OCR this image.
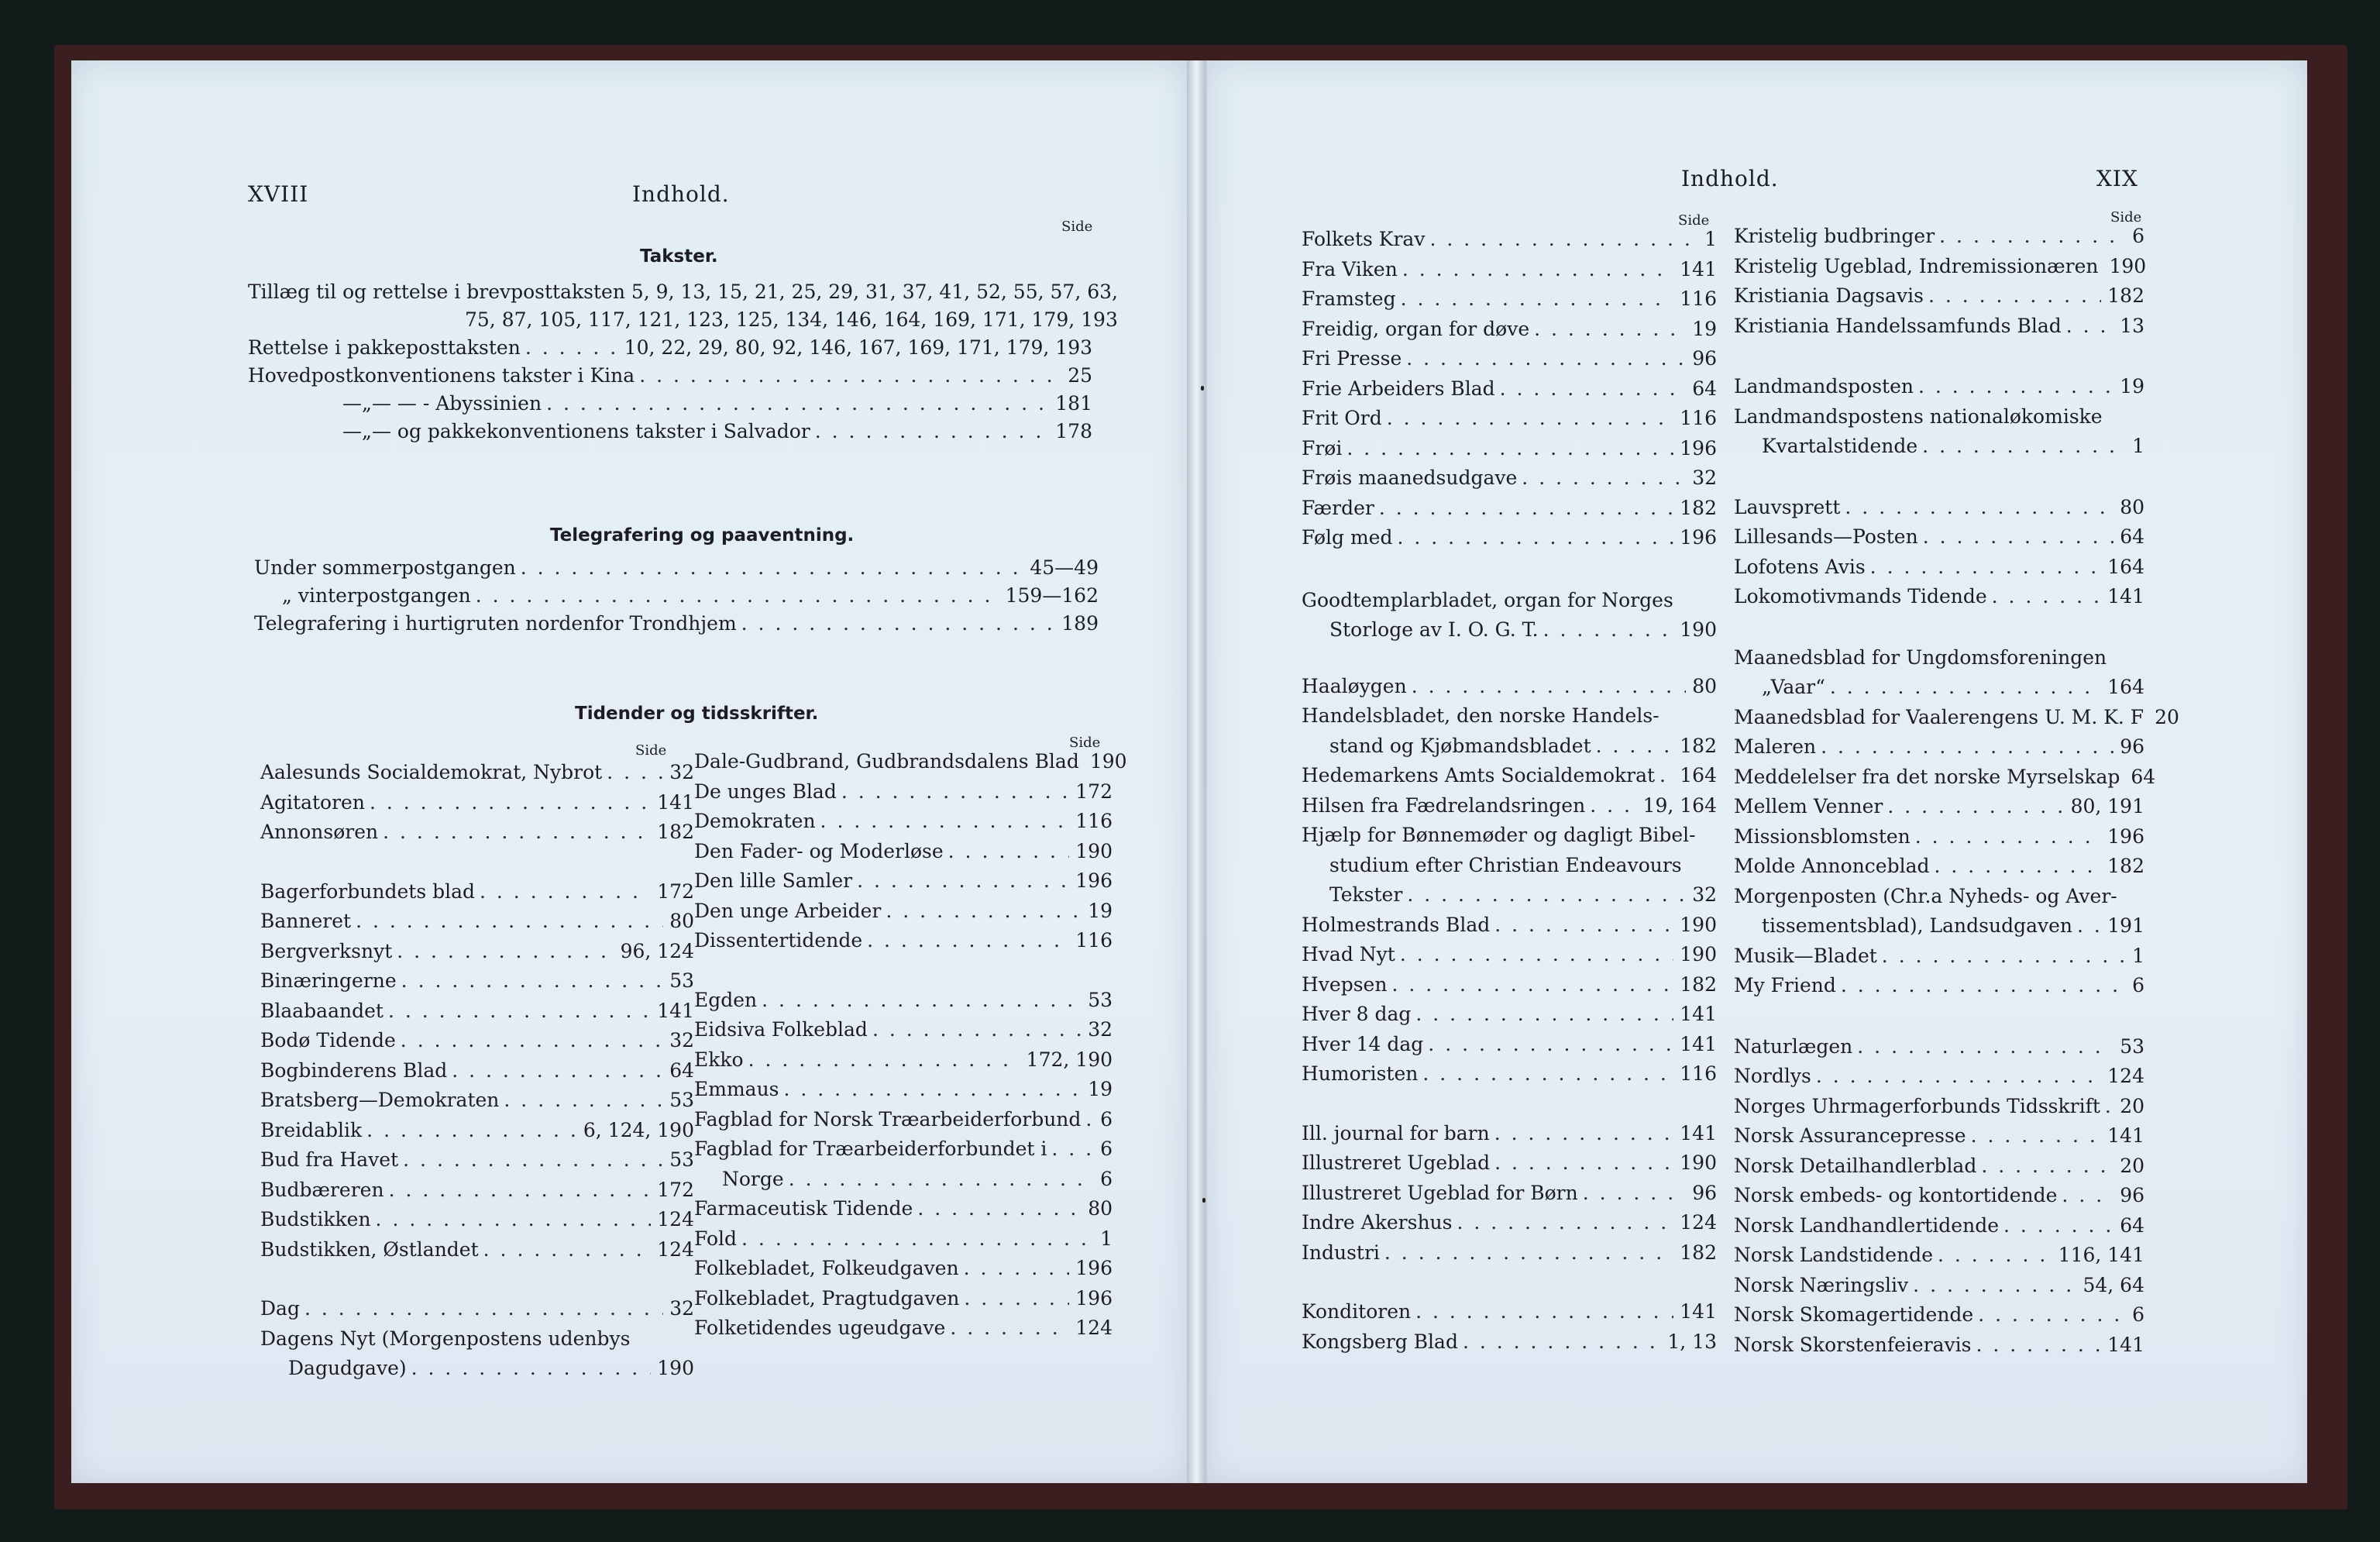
XVIII	Indhold.
Side
Takster.
Tillæg til og rettelse i brevposttaksten 5, 9, 13, 15, 21, 25, 29, 31, 37, 41, 52, 55, 57, 63,
75, 87, 105, 117, 121, 123, 125, 134, 146, 164, 169, 171, 179, 193
Rettelse i pakkeposttaksten . . .	10, 22, 29, 80, 92, 146, 167, 169, 171, 179, 193
Hovedpostkonventionens takster i Kina . . .	25
—„— — - Abyssinien . . .	181
—„— og pakkekonventionens takster i Salvador . . .	178
Telegrafering og paaventning.
Under sommerpostgangen . . .	45—49
„ vinterpostgangen . . .	159—162
Telegrafering i hurtigruten nordenfor Trondhjem . . .	189
Tidender og tidsskrifter.
Side	Side
Aalesunds Socialdemokrat, Nybrot . . .	32
Agitatoren . . .	141
Annonsøren . . .	182
Bagerforbundets blad . . .	172
Banneret . . .	80
Bergverksnyt . . .	96, 124
Binæringerne . . .	53
Blaabaandet . . .	141
Bodø Tidende . . .	32
Bogbinderens Blad . . .	64
Bratsberg—Demokraten . . .	53
Breidablik . . .	6, 124, 190
Bud fra Havet . . .	53
Budbæreren . . .	172
Budstikken . . .	124
Budstikken, Østlandet . . .	124
Dag . . .	32
Dagens Nyt (Morgenpostens udenbys
Dagudgave) . . .	190
Dale-Gudbrand, Gudbrandsdalens Blad 190
De unges Blad . . .	172
Demokraten . . .	116
Den Fader- og Moderløse . . .	190
Den lille Samler . . .	196
Den unge Arbeider . . .	19
Dissentertidende . . .	116
Egden . . .	53
Eidsiva Folkeblad . . .	32
Ekko . . .	172, 190
Emmaus . . .	19
Fagblad for Norsk Træarbeiderforbund . . . 6
Fagblad for Træarbeiderforbundet i . . .	6
Norge . . .	6
Farmaceutisk Tidende . . .	80
Fold . . .	1
Folkebladet, Folkeudgaven . . .	196
Folkebladet, Pragtudgaven . . .	196
Folketidendes ugeudgave . . .	124
Indhold.	XIX
Side	Side
Folkets Krav . . .	1
Fra Viken . . .	141
Framsteg . . .	116
Freidig, organ for døve . . .	19
Fri Presse . . .	96
Frie Arbeiders Blad . . .	64
Frit Ord . . .	116
Frøi . . .	196
Frøis maanedsudgave . . .	32
Færder . . .	182
Følg med . . .	196
Goodtemplarbladet, organ for Norges
Storloge av I. O. G. T. . . .	190
Haaløygen . . .	80
Handelsbladet, den norske Handels-
stand og Kjøbmandsbladet . . .	182
Hedemarkens Amts Socialdemokrat . . .	164
Hilsen fra Fædrelandsringen . . .	19, 164
Hjælp for Bønnemøder og dagligt Bibel-
studium efter Christian Endeavours
Tekster . . .	32
Holmestrands Blad . . .	190
Hvad Nyt . . .	190
Hvepsen . . .	182
Hver 8 dag . . .	141
Hver 14 dag . . .	141
Humoristen . . .	116
Ill. journal for barn . . .	141
Illustreret Ugeblad . . .	190
Illustreret Ugeblad for Børn . . .	96
Indre Akershus . . .	124
Industri . . .	182
Konditoren . . .	141
Kongsberg Blad . . .	1, 13
Kristelig budbringer . . .	6
Kristelig Ugeblad, Indremissionæren 190
Kristiania Dagsavis . . .	182
Kristiania Handelssamfunds Blad . . .	13
Landmandsposten . . .	19
Landmandspostens nationaløkomiske
Kvartalstidende . . .	1
Lauvsprett . . .	80
Lillesands—Posten . . .	64
Lofotens Avis . . .	164
Lokomotivmands Tidende . . .	141
Maanedsblad for Ungdomsforeningen
„Vaar“ . . .	164
Maanedsblad for Vaalerengens U. M. K. F 20
Maleren . . .	96
Meddelelser fra det norske Myrselskap 64
Mellem Venner . . .	80, 191
Missionsblomsten . . .	196
Molde Annonceblad . . .	182
Morgenposten (Chr.a Nyheds- og Aver-
tissementsblad), Landsudgaven . . .	191
Musik—Bladet . . .	1
My Friend . . .	6
Naturlægen . . .	53
Nordlys . . .	124
Norges Uhrmagerforbunds Tidsskrift . . .	20
Norsk Assurancepresse . . .	141
Norsk Detailhandlerblad . . .	20
Norsk embeds- og kontortidende . . .	96
Norsk Landhandlertidende . . .	64
Norsk Landstidende . . .	116, 141
Norsk Næringsliv . . .	54, 64
Norsk Skomagertidende . . .	6
Norsk Skorstenfeieravis . . .	141
